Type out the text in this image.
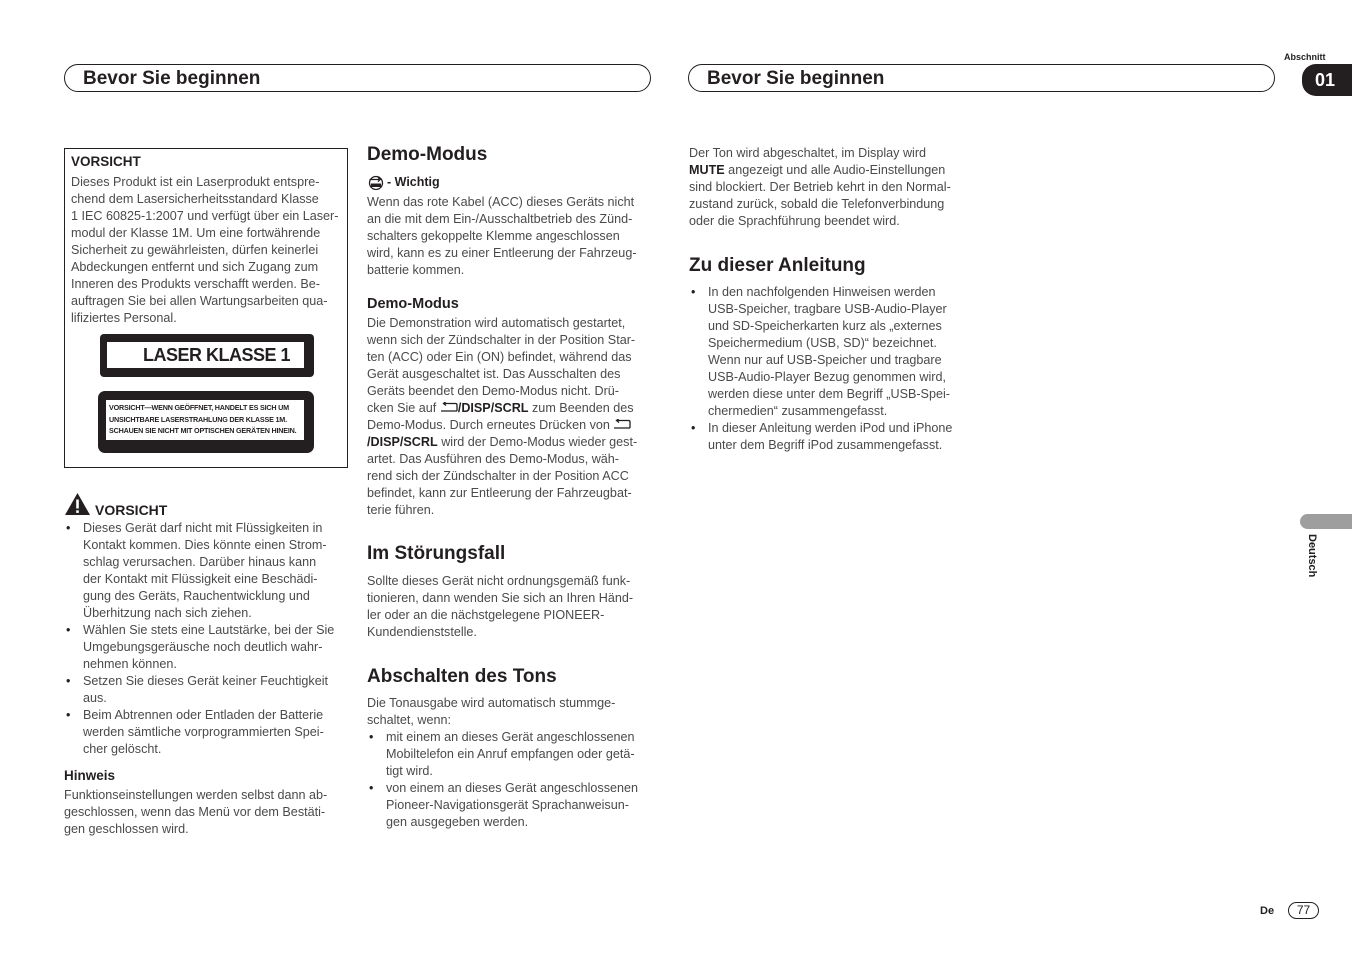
Bevor Sie beginnen	Bevor Sie beginnen
Abschnitt
01
VORSICHT

Dieses Produkt ist ein Laserprodukt entspre-

chend dem Lasersicherheitsstandard Klasse

1 IEC 60825-1:2007 und verfügt über ein Laser-

modul der Klasse 1M. Um eine fortwährende

Sicherheit zu gewährleisten, dürfen keinerlei

Abdeckungen entfernt und sich Zugang zum

Inneren des Produkts verschafft werden. Be-

auftragen Sie bei allen Wartungsarbeiten qua-

lifiziertes Personal.

LASER KLASSE 1
VORSICHT—WENN GEÖFFNET, HANDELT ES SICH UM
UNSICHTBARE LASERSTRAHLUNG DER KLASSE 1M.
SCHAUEN SIE NICHT MIT OPTISCHEN GERÄTEN HINEIN.
VORSICHT

• Dieses Gerät darf nicht mit Flüssigkeiten in

Kontakt kommen. Dies könnte einen Strom-

schlag verursachen. Darüber hinaus kann

der Kontakt mit Flüssigkeit eine Beschädi-

gung des Geräts, Rauchentwicklung und

Überhitzung nach sich ziehen.

• Wählen Sie stets eine Lautstärke, bei der Sie

Umgebungsgeräusche noch deutlich wahr-

nehmen können.

• Setzen Sie dieses Gerät keiner Feuchtigkeit

aus.

• Beim Abtrennen oder Entladen der Batterie

werden sämtliche vorprogrammierten Spei-

cher gelöscht.

Hinweis

Funktionseinstellungen werden selbst dann ab-

geschlossen, wenn das Menü vor dem Bestäti-

gen geschlossen wird.

Demo-Modus
- Wichtig

Wenn das rote Kabel (ACC) dieses Geräts nicht

an die mit dem Ein-/Ausschaltbetrieb des Zünd-

schalters gekoppelte Klemme angeschlossen

wird, kann es zu einer Entleerung der Fahrzeug-

batterie kommen.

Demo-Modus

Die Demonstration wird automatisch gestartet,

wenn sich der Zündschalter in der Position Star-

ten (ACC) oder Ein (ON) befindet, während das

Gerät ausgeschaltet ist. Das Ausschalten des

Geräts beendet den Demo-Modus nicht. Drü-

cken Sie auf /DISP/SCRL zum Beenden des

Demo-Modus. Durch erneutes Drücken von

/DISP/SCRL wird der Demo-Modus wieder gest-

artet. Das Ausführen des Demo-Modus, wäh-

rend sich der Zündschalter in der Position ACC

befindet, kann zur Entleerung der Fahrzeugbat-

terie führen.

Im Störungsfall

Sollte dieses Gerät nicht ordnungsgemäß funk-

tionieren, dann wenden Sie sich an Ihren Händ-

ler oder an die nächstgelegene PIONEER-

Kundendienststelle.

Abschalten des Tons

Die Tonausgabe wird automatisch stummge-

schaltet, wenn:

• mit einem an dieses Gerät angeschlossenen

Mobiltelefon ein Anruf empfangen oder getä-

tigt wird.

• von einem an dieses Gerät angeschlossenen

Pioneer-Navigationsgerät Sprachanweisun-

gen ausgegeben werden.

Der Ton wird abgeschaltet, im Display wird

MUTE angezeigt und alle Audio-Einstellungen

sind blockiert. Der Betrieb kehrt in den Normal-

zustand zurück, sobald die Telefonverbindung

oder die Sprachführung beendet wird.

Zu dieser Anleitung

• In den nachfolgenden Hinweisen werden

USB-Speicher, tragbare USB-Audio-Player

und SD-Speicherkarten kurz als „externes

Speichermedium (USB, SD)“ bezeichnet.

Wenn nur auf USB-Speicher und tragbare

USB-Audio-Player Bezug genommen wird,

werden diese unter dem Begriff „USB-Spei-

chermedien“ zusammengefasst.

• In dieser Anleitung werden iPod und iPhone

unter dem Begriff iPod zusammengefasst.

Deutsch
De	77
